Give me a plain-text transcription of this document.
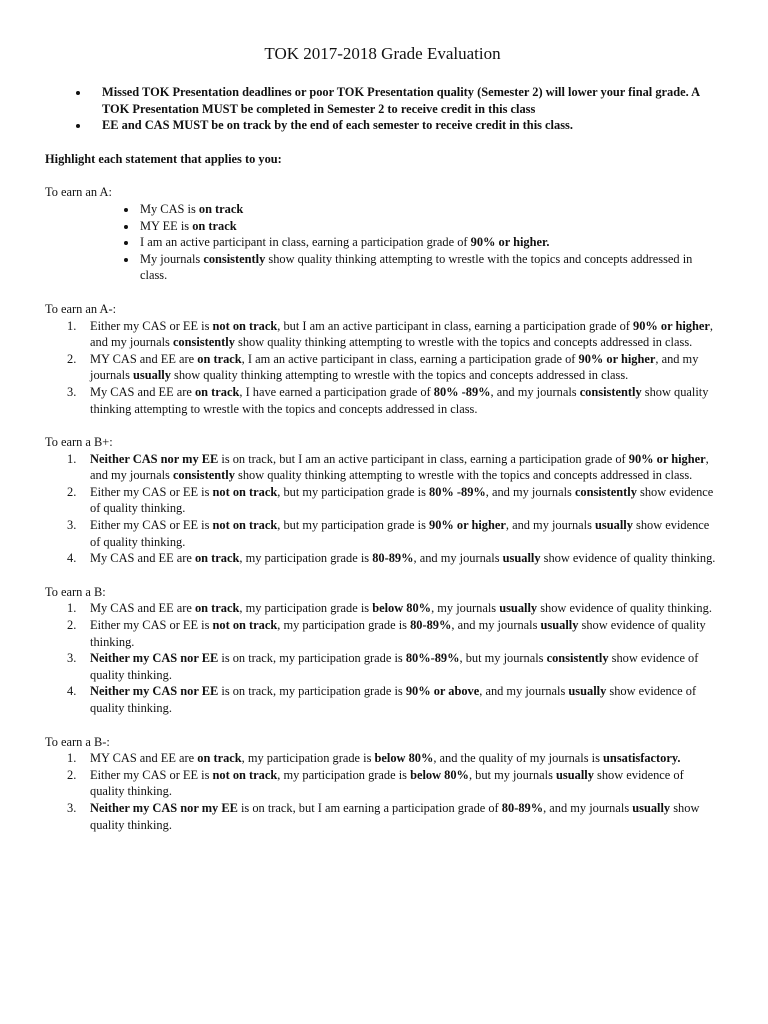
TOK 2017-2018 Grade Evaluation
• Missed TOK Presentation deadlines or poor TOK Presentation quality (Semester 2) will lower your final grade. A TOK Presentation MUST be completed in Semester 2 to receive credit in this class
• EE and CAS MUST be on track by the end of each semester to receive credit in this class.

Highlight each statement that applies to you:

To earn an A:

• My CAS is on track
• MY EE is on track
• I am an active participant in class, earning a participation grade of 90% or higher.
• My journals consistently show quality thinking attempting to wrestle with the topics and concepts addressed in class.

To earn an A-:

1. Either my CAS or EE is not on track, but I am an active participant in class, earning a participation grade of 90% or higher, and my journals consistently show quality thinking attempting to wrestle with the topics and concepts addressed in class.
2. MY CAS and EE are on track, I am an active participant in class, earning a participation grade of 90% or higher, and my journals usually show quality thinking attempting to wrestle with the topics and concepts addressed in class.
3. My CAS and EE are on track, I have earned a participation grade of 80% -89%, and my journals consistently show quality thinking attempting to wrestle with the topics and concepts addressed in class.

To earn a B+:

1. Neither CAS nor my EE is on track, but I am an active participant in class, earning a participation grade of 90% or higher, and my journals consistently show quality thinking attempting to wrestle with the topics and concepts addressed in class.
2. Either my CAS or EE is not on track, but my participation grade is 80% -89%, and my journals consistently show evidence of quality thinking.
3. Either my CAS or EE is not on track, but my participation grade is 90% or higher, and my journals usually show evidence of quality thinking.
4. My CAS and EE are on track, my participation grade is 80-89%, and my journals usually show evidence of quality thinking.

To earn a B:

1. My CAS and EE are on track, my participation grade is below 80%, my journals usually show evidence of quality thinking.
2. Either my CAS or EE is not on track, my participation grade is 80-89%, and my journals usually show evidence of quality thinking.
3. Neither my CAS nor EE is on track, my participation grade is 80%-89%, but my journals consistently show evidence of quality thinking.
4. Neither my CAS nor EE is on track, my participation grade is 90% or above, and my journals usually show evidence of quality thinking.

To earn a B-:

1. MY CAS and EE are on track, my participation grade is below 80%, and the quality of my journals is unsatisfactory.
2. Either my CAS or EE is not on track, my participation grade is below 80%, but my journals usually show evidence of quality thinking.
3. Neither my CAS nor my EE is on track, but I am earning a participation grade of 80-89%, and my journals usually show quality thinking.
